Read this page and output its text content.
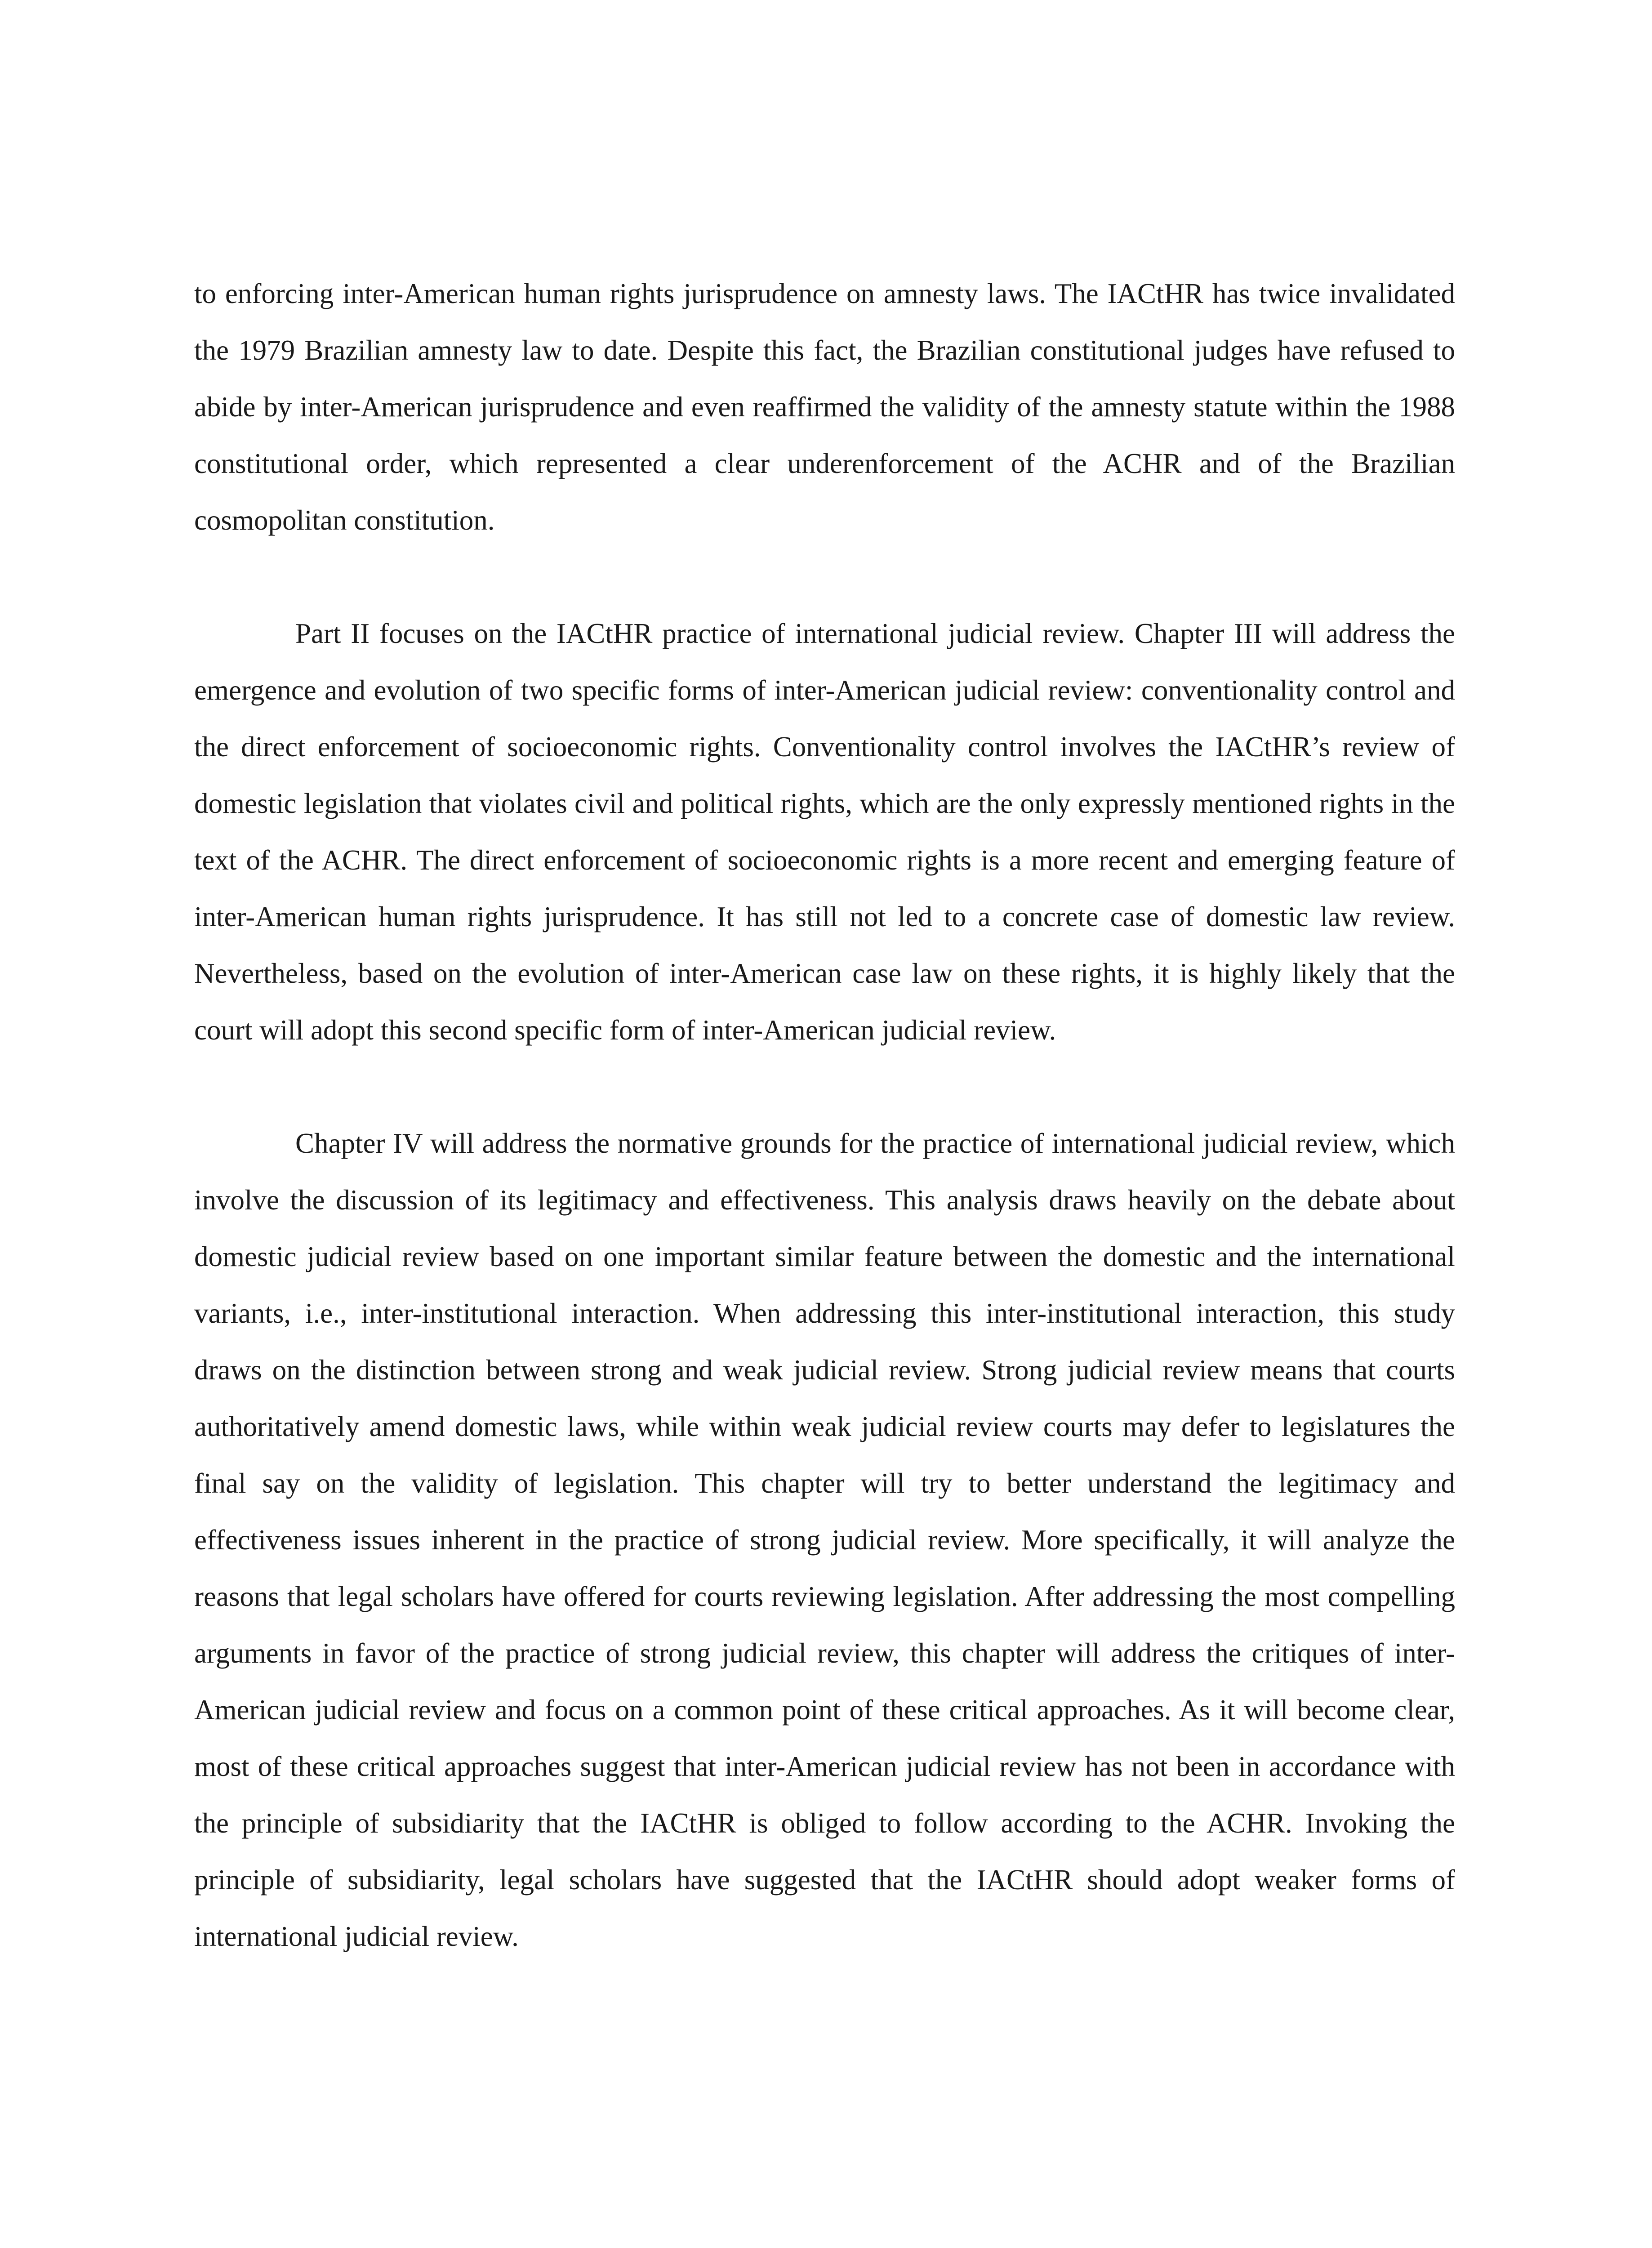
to enforcing inter-American human rights jurisprudence on amnesty laws. The IACtHR has twice invalidated the 1979 Brazilian amnesty law to date. Despite this fact, the Brazilian constitutional judges have refused to abide by inter-American jurisprudence and even reaffirmed the validity of the amnesty statute within the 1988 constitutional order, which represented a clear underenforcement of the ACHR and of the Brazilian cosmopolitan constitution.

Part II focuses on the IACtHR practice of international judicial review. Chapter III will address the emergence and evolution of two specific forms of inter-American judicial review: conventionality control and the direct enforcement of socioeconomic rights. Conventionality control involves the IACtHR’s review of domestic legislation that violates civil and political rights, which are the only expressly mentioned rights in the text of the ACHR. The direct enforcement of socioeconomic rights is a more recent and emerging feature of inter-American human rights jurisprudence. It has still not led to a concrete case of domestic law review. Nevertheless, based on the evolution of inter-American case law on these rights, it is highly likely that the court will adopt this second specific form of inter-American judicial review.

Chapter IV will address the normative grounds for the practice of international judicial review, which involve the discussion of its legitimacy and effectiveness. This analysis draws heavily on the debate about domestic judicial review based on one important similar feature between the domestic and the international variants, i.e., inter-institutional interaction. When addressing this inter-institutional interaction, this study draws on the distinction between strong and weak judicial review. Strong judicial review means that courts authoritatively amend domestic laws, while within weak judicial review courts may defer to legislatures the final say on the validity of legislation. This chapter will try to better understand the legitimacy and effectiveness issues inherent in the practice of strong judicial review. More specifically, it will analyze the reasons that legal scholars have offered for courts reviewing legislation. After addressing the most compelling arguments in favor of the practice of strong judicial review, this chapter will address the critiques of inter-American judicial review and focus on a common point of these critical approaches. As it will become clear, most of these critical approaches suggest that inter-American judicial review has not been in accordance with the principle of subsidiarity that the IACtHR is obliged to follow according to the ACHR. Invoking the principle of subsidiarity, legal scholars have suggested that the IACtHR should adopt weaker forms of international judicial review.
